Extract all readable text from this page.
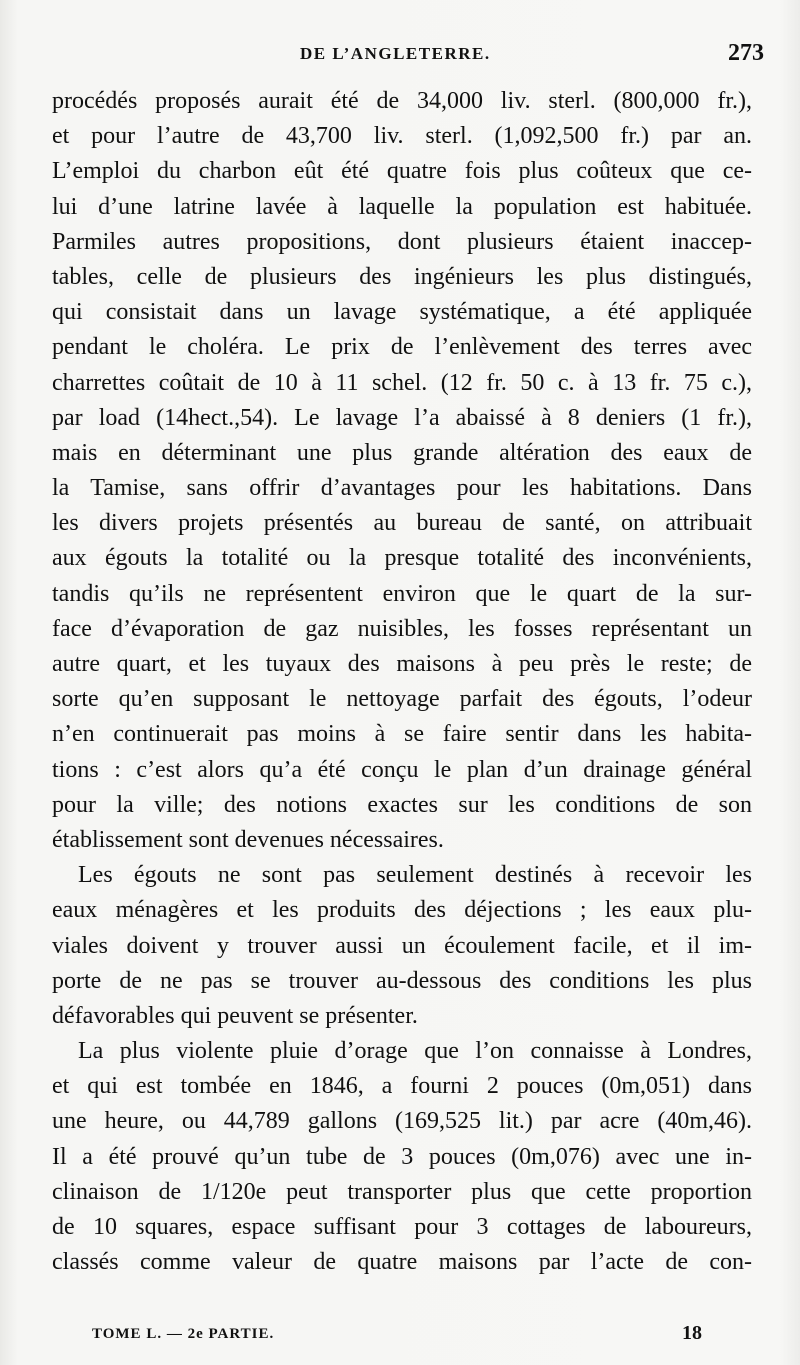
DE L’ANGLETERRE.	273
procédés proposés aurait été de 34,000 liv. sterl. (800,000 fr.),
et pour l’autre de 43,700 liv. sterl. (1,092,500 fr.) par an.
L’emploi du charbon eût été quatre fois plus coûteux que ce-
lui d’une latrine lavée à laquelle la population est habituée.
Parmiles autres propositions, dont plusieurs étaient inaccep-
tables, celle de plusieurs des ingénieurs les plus distingués,
qui consistait dans un lavage systématique, a été appliquée
pendant le choléra. Le prix de l’enlèvement des terres avec
charrettes coûtait de 10 à 11 schel. (12 fr. 50 c. à 13 fr. 75 c.),
par load (14hect.,54). Le lavage l’a abaissé à 8 deniers (1 fr.),
mais en déterminant une plus grande altération des eaux de
la Tamise, sans offrir d’avantages pour les habitations. Dans
les divers projets présentés au bureau de santé, on attribuait
aux égouts la totalité ou la presque totalité des inconvénients,
tandis qu’ils ne représentent environ que le quart de la sur-
face d’évaporation de gaz nuisibles, les fosses représentant un
autre quart, et les tuyaux des maisons à peu près le reste; de
sorte qu’en supposant le nettoyage parfait des égouts, l’odeur
n’en continuerait pas moins à se faire sentir dans les habita-
tions : c’est alors qu’a été conçu le plan d’un drainage général
pour la ville; des notions exactes sur les conditions de son
établissement sont devenues nécessaires.
Les égouts ne sont pas seulement destinés à recevoir les
eaux ménagères et les produits des déjections ; les eaux plu-
viales doivent y trouver aussi un écoulement facile, et il im-
porte de ne pas se trouver au-dessous des conditions les plus
défavorables qui peuvent se présenter.
La plus violente pluie d’orage que l’on connaisse à Londres,
et qui est tombée en 1846, a fourni 2 pouces (0m,051) dans
une heure, ou 44,789 gallons (169,525 lit.) par acre (40m,46).
Il a été prouvé qu’un tube de 3 pouces (0m,076) avec une in-
clinaison de 1/120e peut transporter plus que cette proportion
de 10 squares, espace suffisant pour 3 cottages de laboureurs,
classés comme valeur de quatre maisons par l’acte de con-
TOME L. — 2e PARTIE.	18
